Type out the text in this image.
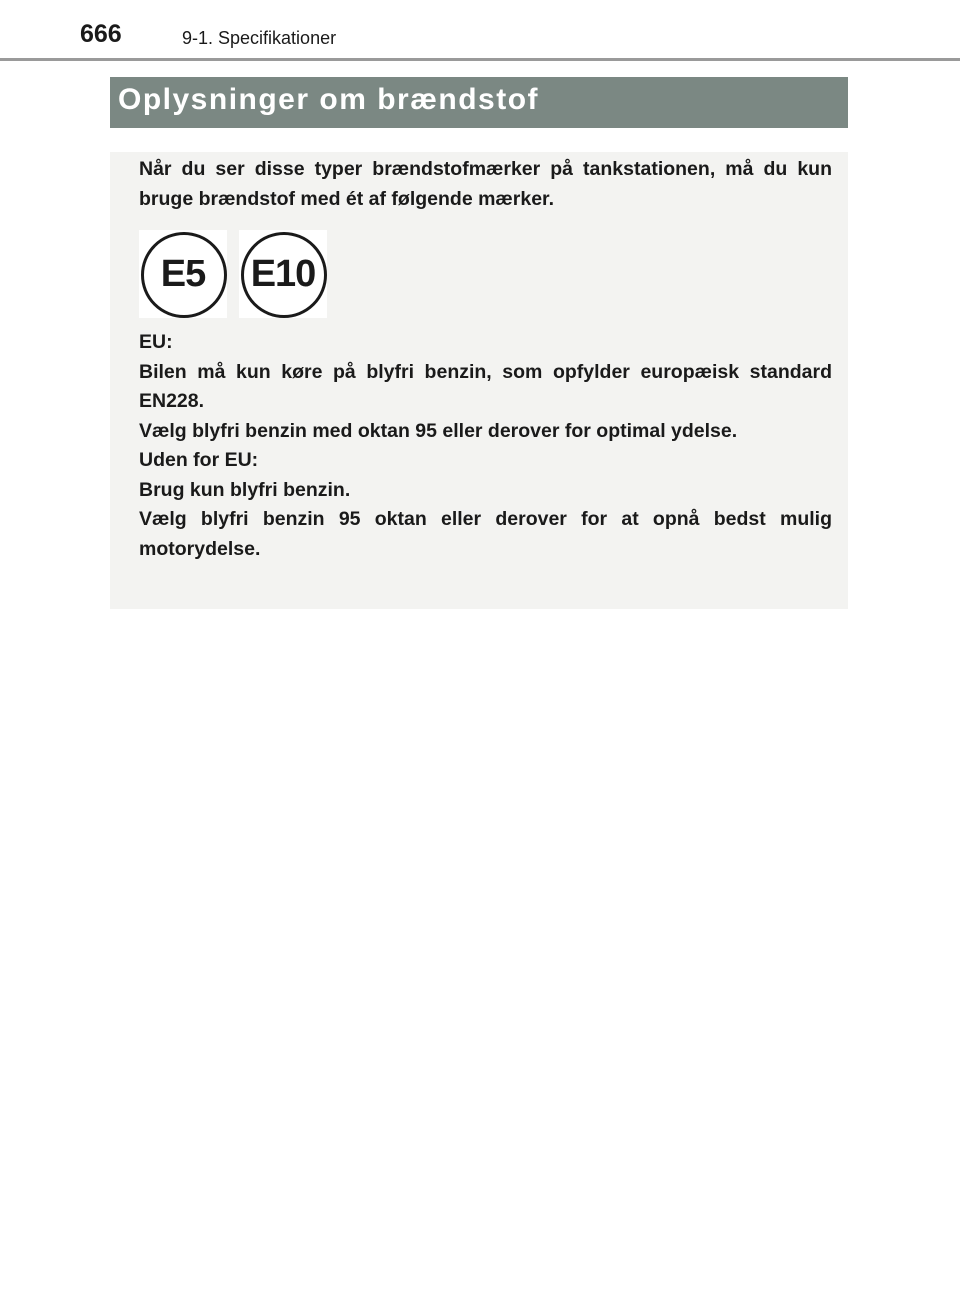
666	9-1. Specifikationer
Oplysninger om brændstof

Når du ser disse typer brændstofmærker på tankstationen, må du kun bruge brændstof med ét af følgende mærker.

E5 E10

EU:

Bilen må kun køre på blyfri benzin, som opfylder europæisk standard EN228.

Vælg blyfri benzin med oktan 95 eller derover for optimal ydelse.

Uden for EU:

Brug kun blyfri benzin.

Vælg blyfri benzin 95 oktan eller derover for at opnå bedst mulig motorydelse.
